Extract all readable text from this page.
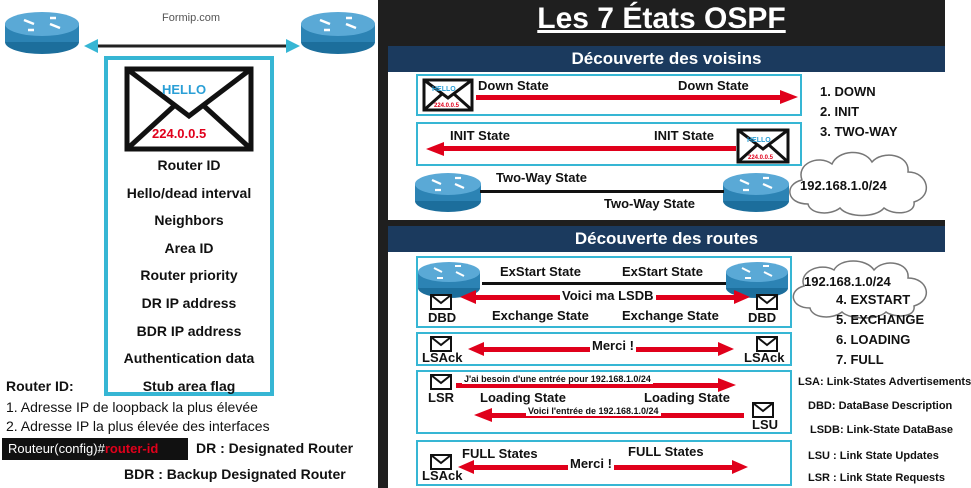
Formip.com
HELLO
224.0.0.5
Router ID
Hello/dead interval
Neighbors
Area ID
Router priority
DR IP address
BDR IP address
Authentication data
Stub area flag
Router ID:
1. Adresse IP de loopback la plus élevée
2. Adresse IP la plus élevée des interfaces
Routeur(config)#router-id	DR : Designated Router
BDR : Backup Designated Router
Les 7 États OSPF
Découverte des voisins
HELLO
224.0.0.5
Down State	Down State
INIT State	INIT State	HELLO
224.0.0.5
Two-Way State
Two-Way State
1. DOWN
2. INIT
3. TWO-WAY
192.168.1.0/24
Découverte des routes
ExStart State	ExStart State
Voici ma LSDB
DBD	DBD
Exchange State	Exchange State
LSAck
Merci !
LSAck
LSR
J'ai besoin d'une entrée pour 192.168.1.0/24
Loading State	Loading State
Voici l'entrée de 192.168.1.0/24
LSU
LSAck
FULL States	FULL States
Merci !
192.168.1.0/24
4. EXSTART
5. EXCHANGE
6. LOADING
7. FULL
LSA: Link-States Advertisements
DBD: DataBase Description
LSDB: Link-State DataBase
LSU : Link State Updates
LSR : Link State Requests
